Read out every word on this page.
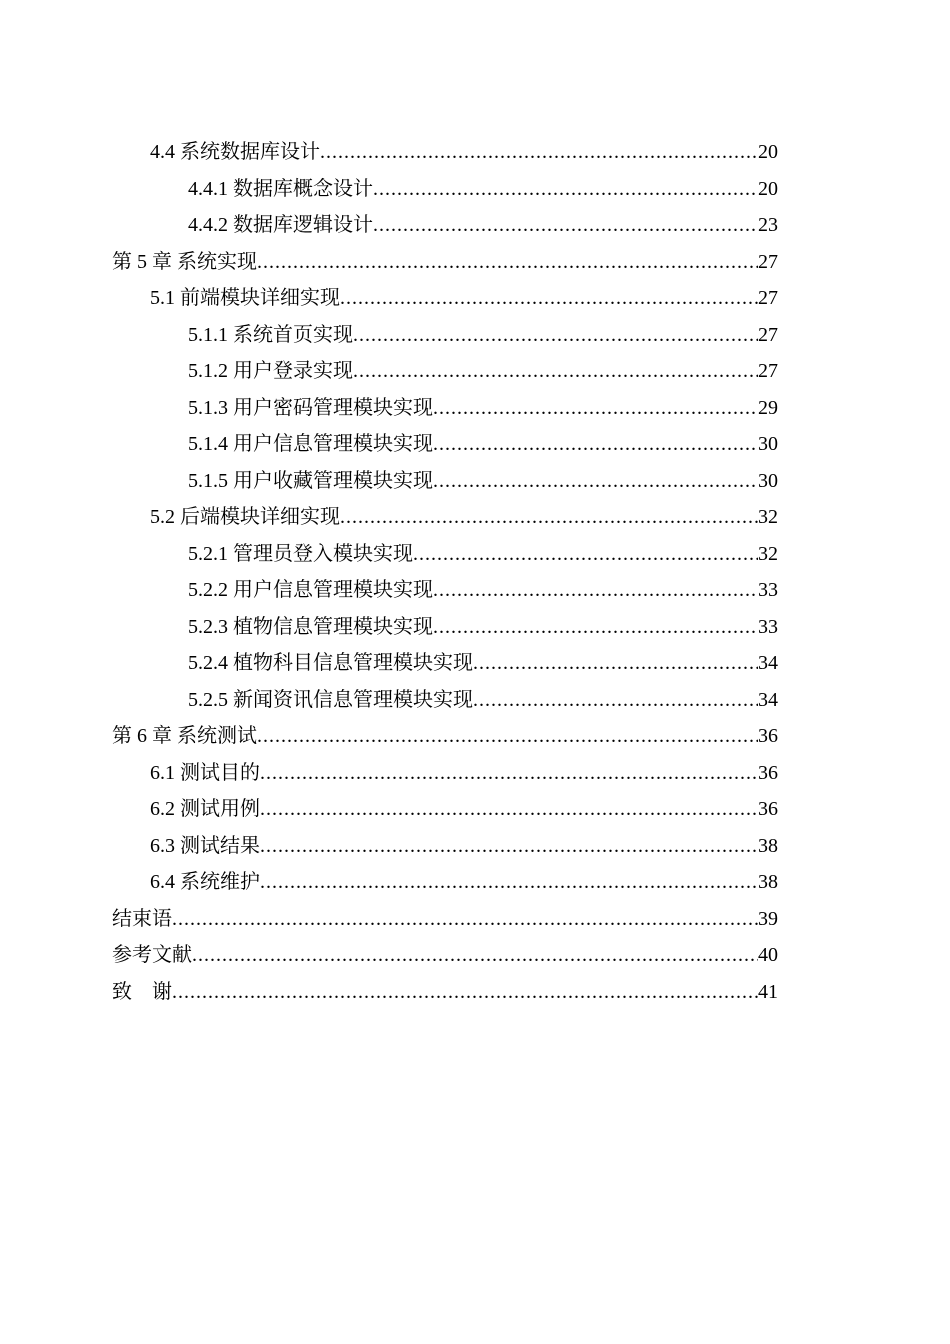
4.4 系统数据库设计 .....	20
4.4.1 数据库概念设计 .....	20
4.4.2 数据库逻辑设计 .....	23
第 5 章 系统实现 .....	27
5.1 前端模块详细实现 .....	27
5.1.1 系统首页实现 .....	27
5.1.2 用户登录实现 .....	27
5.1.3 用户密码管理模块实现 .....	29
5.1.4 用户信息管理模块实现 .....	30
5.1.5 用户收藏管理模块实现 .....	30
5.2 后端模块详细实现 .....	32
5.2.1 管理员登入模块实现 .....	32
5.2.2 用户信息管理模块实现 .....	33
5.2.3 植物信息管理模块实现 .....	33
5.2.4 植物科目信息管理模块实现 .....	34
5.2.5 新闻资讯信息管理模块实现 .....	34
第 6 章 系统测试 .....	36
6.1 测试目的 .....	36
6.2 测试用例 .....	36
6.3 测试结果 .....	38
6.4 系统维护 .....	38
结束语 .....	39
参考文献 .....	40
致　谢 .....	41
